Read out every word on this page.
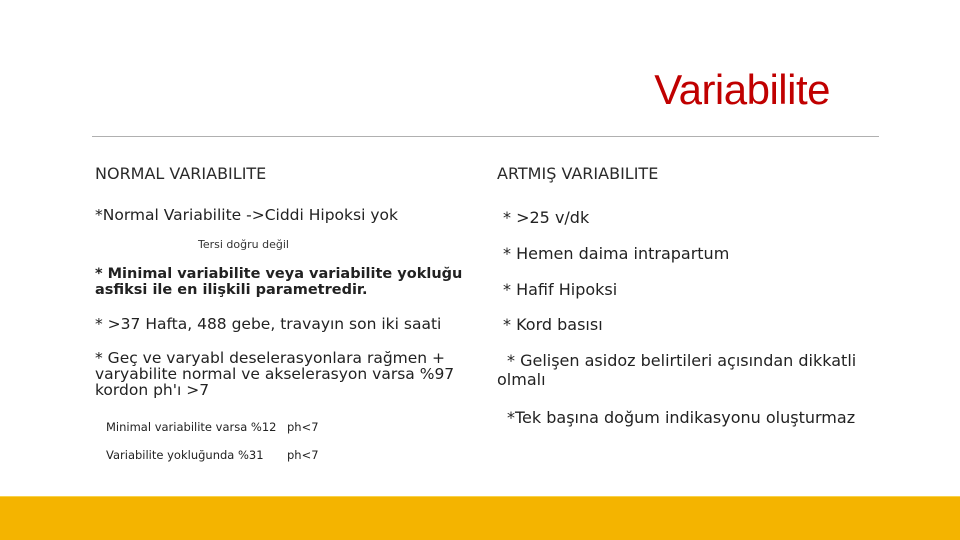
Variabilite
NORMAL VARIABILITE	ARTMIŞ VARIABILITE
*Normal Variabilite ->Ciddi Hipoksi yok
Tersi doğru değil
* Minimal variabilite veya variabilite yokluğu asfiksi ile en ilişkili parametredir.
* >37 Hafta, 488 gebe, travayın son iki saati
* Geç ve varyabl deselerasyonlara rağmen + varyabilite normal ve akselerasyon varsa %97 kordon ph'ı >7
Minimal variabilite varsa %12 ph<7
Variabilite yokluğunda %31 ph<7
* >25 v/dk
* Hemen daima intrapartum
* Hafif Hipoksi
* Kord basısı
* Gelişen asidoz belirtileri açısından dikkatli olmalı
*Tek başına doğum indikasyonu oluşturmaz
